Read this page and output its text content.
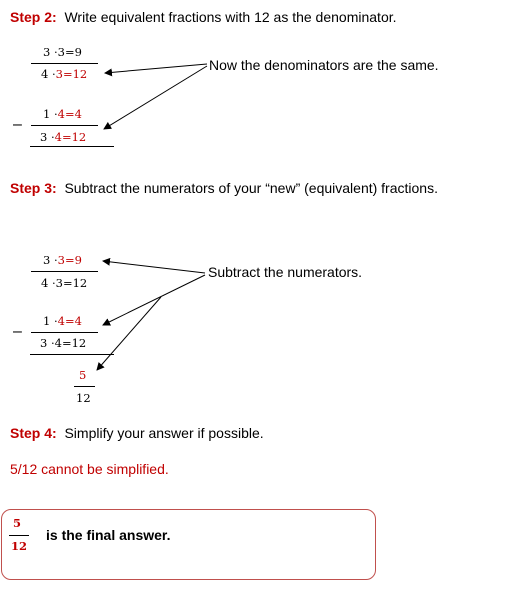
Step 2: Write equivalent fractions with 12 as the denominator.
3 ·3=9
4 ·3=12
–
1 ·4=4
3 ·4=12
Now the denominators are the same.
Step 3: Subtract the numerators of your “new” (equivalent) fractions.
3 ·3=9
4 ·3=12
–
1 ·4=4
3 ·4=12
5
12
Subtract the numerators.
Step 4: Simplify your answer if possible.
5/12 cannot be simplified.
5
12
is the final answer.
